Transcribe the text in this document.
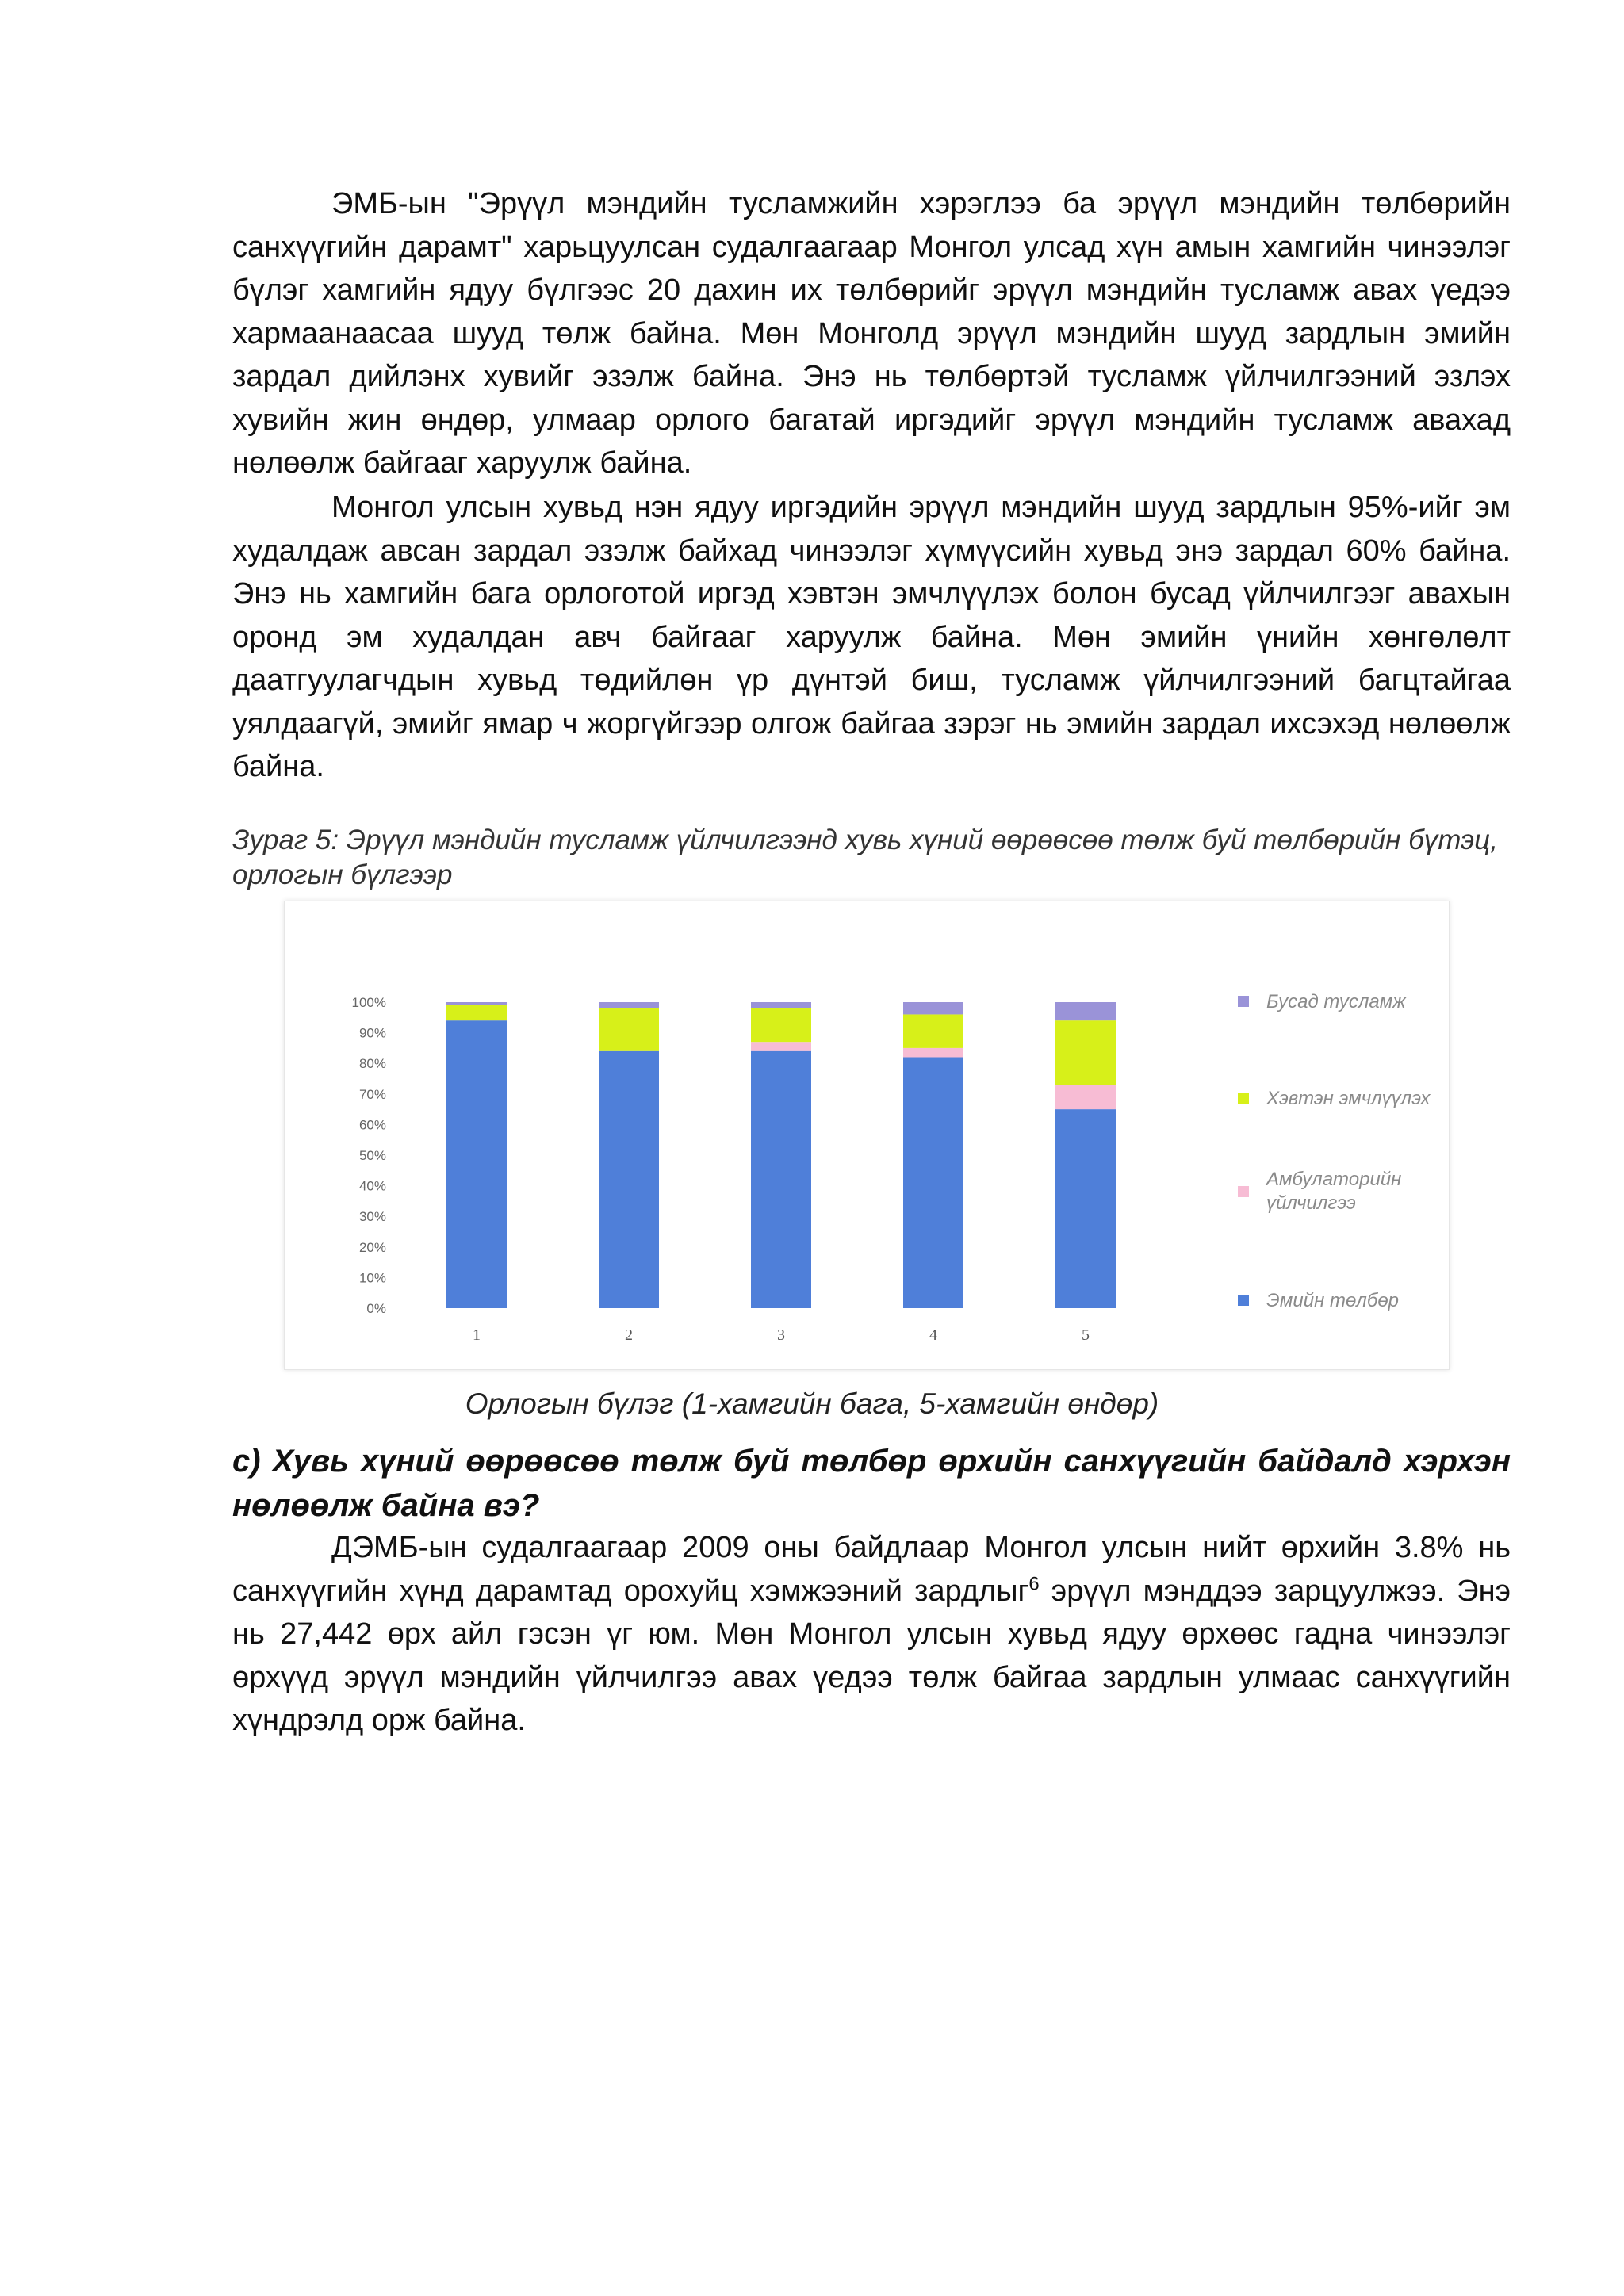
ЭМБ-ын "Эрүүл мэндийн тусламжийн хэрэглээ ба эрүүл мэндийн төлбөрийн санхүүгийн дарамт" харьцуулсан судалгаагаар Монгол улсад хүн амын хамгийн чинээлэг бүлэг хамгийн ядуу бүлгээс 20 дахин их төлбөрийг эрүүл мэндийн тусламж авах үедээ хармаанаасаа шууд төлж байна. Мөн Монголд эрүүл мэндийн шууд зардлын эмийн зардал дийлэнх хувийг эзэлж байна. Энэ нь төлбөртэй тусламж үйлчилгээний эзлэх хувийн жин өндөр, улмаар орлого багатай иргэдийг эрүүл мэндийн тусламж авахад нөлөөлж байгааг харуулж байна.

Монгол улсын хувьд нэн ядуу иргэдийн эрүүл мэндийн шууд зардлын 95%-ийг эм худалдаж авсан зардал эзэлж байхад чинээлэг хүмүүсийн хувьд энэ зардал 60% байна. Энэ нь хамгийн бага орлоготой иргэд хэвтэн эмчлүүлэх болон бусад үйлчилгээг авахын оронд эм худалдан авч байгааг харуулж байна. Мөн эмийн үнийн хөнгөлөлт даатгуулагчдын хувьд төдийлөн үр дүнтэй биш, тусламж үйлчилгээний багцтайгаа уялдаагүй, эмийг ямар ч жоргүйгээр олгож байгаа зэрэг нь эмийн зардал ихсэхэд нөлөөлж байна.

Зураг 5: Эрүүл мэндийн тусламж үйлчилгээнд хувь хүний өөрөөсөө төлж буй төлбөрийн бүтэц, орлогын бүлгээр

0%
10%
20%
30%
40%
50%
60%
70%
80%
90%
100%
1	2	3	4	5
Бусад тусламж
Хэвтэн эмчлүүлэх
Амбулаторийн
үйлчилгээ
Эмийн төлбөр

Орлогын бүлэг (1-хамгийн бага, 5-хамгийн өндөр)

c) Хувь хүний өөрөөсөө төлж буй төлбөр өрхийн санхүүгийн байдалд хэрхэн нөлөөлж байна вэ?

ДЭМБ-ын судалгаагаар 2009 оны байдлаар Монгол улсын нийт өрхийн 3.8% нь санхүүгийн хүнд дарамтад орохуйц хэмжээний зардлыг$^6$ эрүүл мэнддээ зарцуулжээ. Энэ нь 27,442 өрх айл гэсэн үг юм. Мөн Монгол улсын хувьд ядуу өрхөөс гадна чинээлэг өрхүүд эрүүл мэндийн үйлчилгээ авах үедээ төлж байгаа зардлын улмаас санхүүгийн хүндрэлд орж байна.
